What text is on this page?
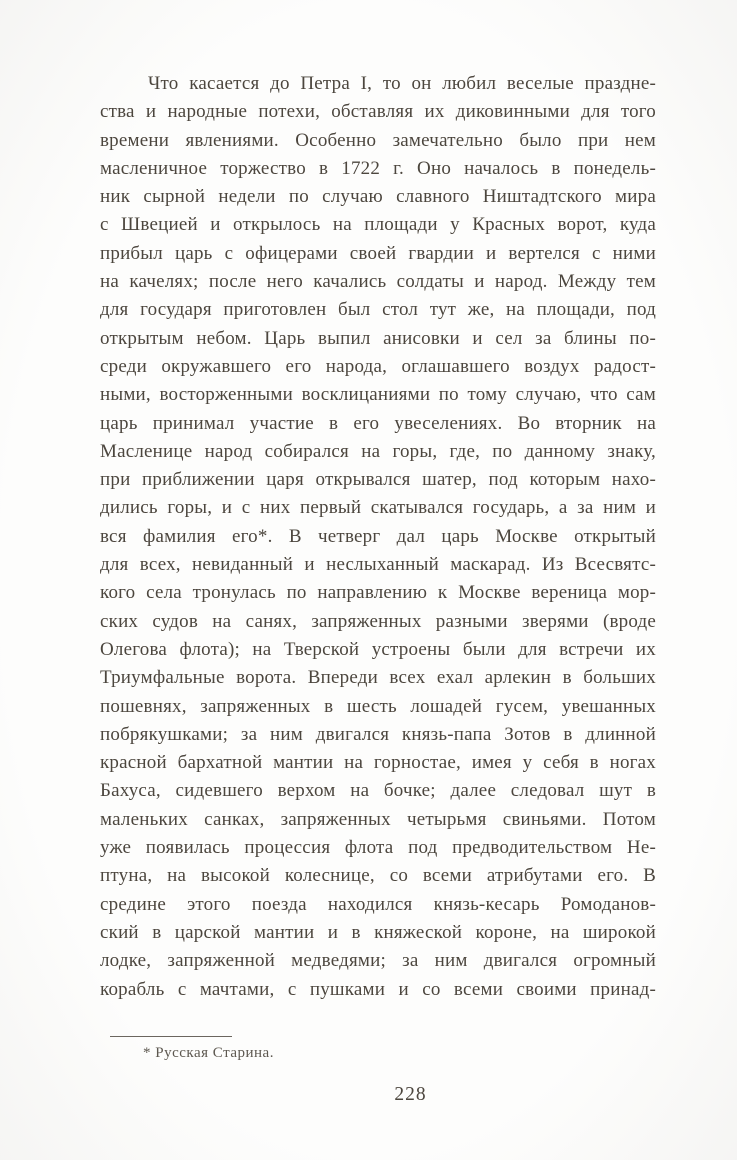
Что касается до Петра I, то он любил веселые праздне-
ства и народные потехи, обставляя их диковинными для того
времени явлениями. Особенно замечательно было при нем
масленичное торжество в 1722 г. Оно началось в понедель-
ник сырной недели по случаю славного Ништадтского мира
с Швецией и открылось на площади у Красных ворот, куда
прибыл царь с офицерами своей гвардии и вертелся с ними
на качелях; после него качались солдаты и народ. Между тем
для государя приготовлен был стол тут же, на площади, под
открытым небом. Царь выпил анисовки и сел за блины по-
среди окружавшего его народа, оглашавшего воздух радост-
ными, восторженными восклицаниями по тому случаю, что сам
царь принимал участие в его увеселениях. Во вторник на
Масленице народ собирался на горы, где, по данному знаку,
при приближении царя открывался шатер, под которым нахо-
дились горы, и с них первый скатывался государь, а за ним и
вся фамилия его*. В четверг дал царь Москве открытый
для всех, невиданный и неслыханный маскарад. Из Всесвятс-
кого села тронулась по направлению к Москве вереница мор-
ских судов на санях, запряженных разными зверями (вроде
Олегова флота); на Тверской устроены были для встречи их
Триумфальные ворота. Впереди всех ехал арлекин в больших
пошевнях, запряженных в шесть лошадей гусем, увешанных
побрякушками; за ним двигался князь-папа Зотов в длинной
красной бархатной мантии на горностае, имея у себя в ногах
Бахуса, сидевшего верхом на бочке; далее следовал шут в
маленьких санках, запряженных четырьмя свиньями. Потом
уже появилась процессия флота под предводительством Не-
птуна, на высокой колеснице, со всеми атрибутами его. В
средине этого поезда находился князь-кесарь Ромоданов-
ский в царской мантии и в княжеской короне, на широкой
лодке, запряженной медведями; за ним двигался огромный
корабль с мачтами, с пушками и со всеми своими принад-
* Русская Старина.
228
